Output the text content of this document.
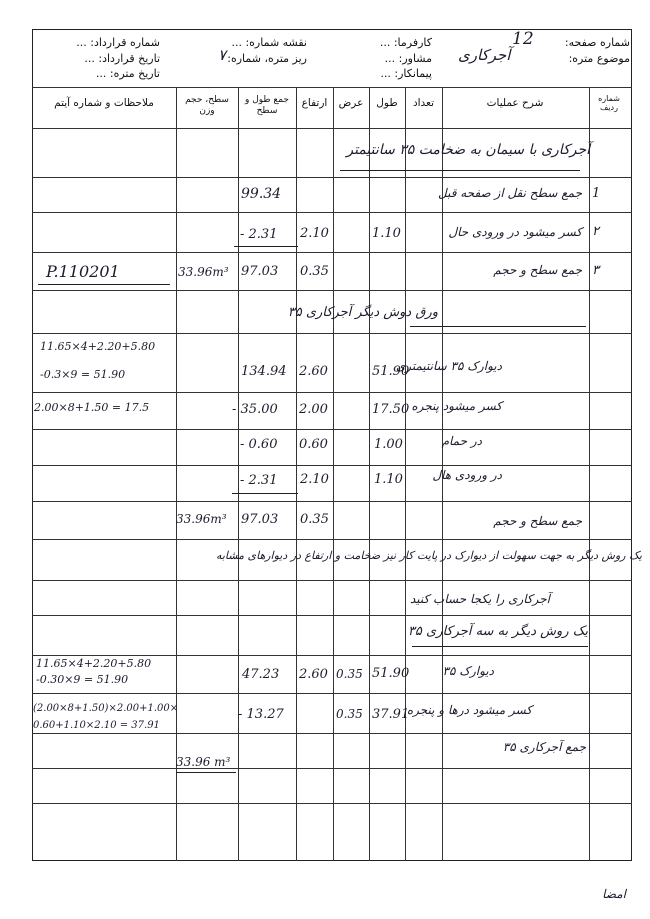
شماره صفحه:
12
موضوع متره:
آجرکاری
کارفرما: ...
مشاور: ...
پیمانکار: ...
نقشه شماره: ...
ریز متره، شماره:
۷
شماره قرارداد: ...
تاریخ قرارداد: ...
تاریخ متره: ...
شماره ردیف
شرح عملیات
تعداد
طول
عرض
ارتفاع
جمع طول و سطح
سطح، حجم وزن
ملاحظات و شماره آیتم
آجرکاری با سیمان به ضخامت ۳۵ سانتیمتر
1
جمع سطح نقل از صفحه قبل
99.34
۲
کسر میشود در ورودی حال
1.10
2.10
- 2.31
۳
جمع سطح و حجم
0.35
97.03
33.96m³
P.110201
ورق دوش دیگر آجرکاری ۳۵
11.65×4+2.20+5.80
-0.3×9 = 51.90
دیوارک ۳۵ سانتیمتری
51.90
2.60
134.94
2.00×8+1.50 = 17.5	کسر میشود پنجره
17.50
2.00
- 35.00
در حمام
1.00
0.60
- 0.60
در ورودی هال
1.10
2.10
- 2.31
جمع سطح و حجم
0.35
97.03
33.96m³
یک روش دیگر به جهت سهولت از دیوارک در پایت کار نیز ضخامت و ارتفاع در دیوارهای مشابه
آجرکاری را یکجا حساب کنید
یک روش دیگر به سه آجرکاری ۳۵
11.65×4+2.20+5.80
-0.30×9 = 51.90
دیوارک ۳۵
51.90
0.35
2.60
47.23
(2.00×8+1.50)×2.00+1.00×
0.60+1.10×2.10 = 37.91
کسر میشود درها و پنجره
37.91
0.35
- 13.27
جمع آجرکاری ۳۵
33.96 m³
امضا
